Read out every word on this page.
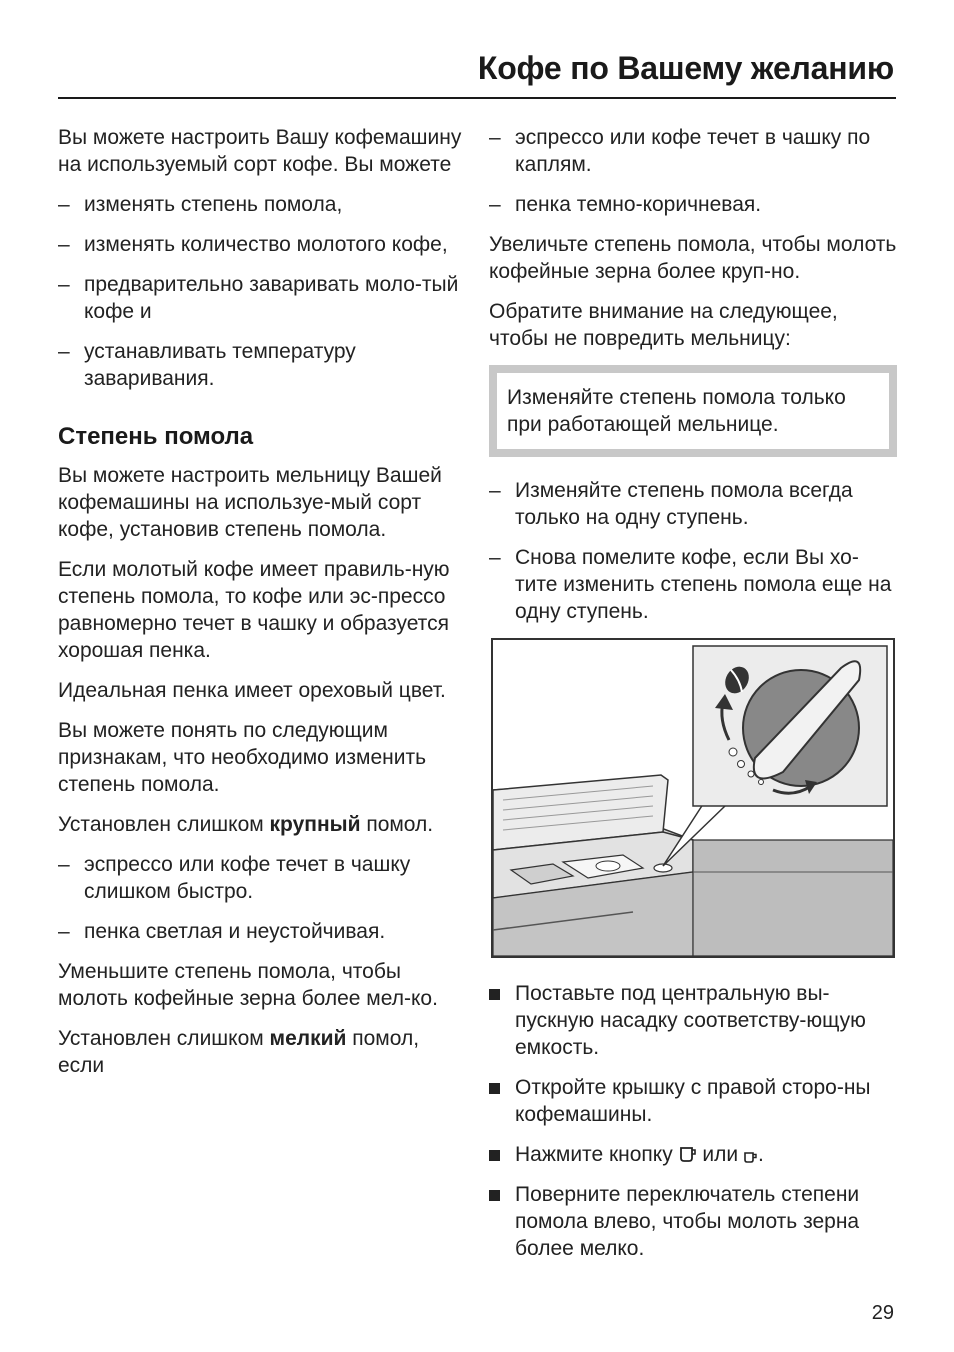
Кофе по Вашему желанию

Вы можете настроить Вашу кофемашину на используемый сорт кофе. Вы можете

– изменять степень помола,
– изменять количество молотого кофе,
– предварительно заваривать моло-тый кофе и
– устанавливать температуру заваривания.
Степень помола

Вы можете настроить мельницу Вашей кофемашины на используе-мый сорт кофе, установив степень помола.

Если молотый кофе имеет правиль-ную степень помола, то кофе или эс-прессо равномерно течет в чашку и образуется хорошая пенка.

Идеальная пенка имеет ореховый цвет.

Вы можете понять по следующим признакам, что необходимо изменить степень помола.

Установлен слишком крупный помол.

– эспрессо или кофе течет в чашку слишком быстро.
– пенка светлая и неустойчивая.

Уменьшите степень помола, чтобы молоть кофейные зерна более мел-ко.

Установлен слишком мелкий помол, если

– эспрессо или кофе течет в чашку по каплям.
– пенка темно-коричневая.

Увеличьте степень помола, чтобы молоть кофейные зерна более круп-но.

Обратите внимание на следующее, чтобы не повредить мельницу:

Изменяйте степень помола только при работающей мельнице.
– Изменяйте степень помола всегда только на одну ступень.
– Снова помелите кофе, если Вы хо-тите изменить степень помола еще на одну ступень.
Поставьте под центральную вы-пускную насадку соответству-ющую емкость.
Откройте крышку с правой сторо-ны кофемашины.
Нажмите кнопку  или .
Поверните переключатель степени помола влево, чтобы молоть зерна более мелко.
29
